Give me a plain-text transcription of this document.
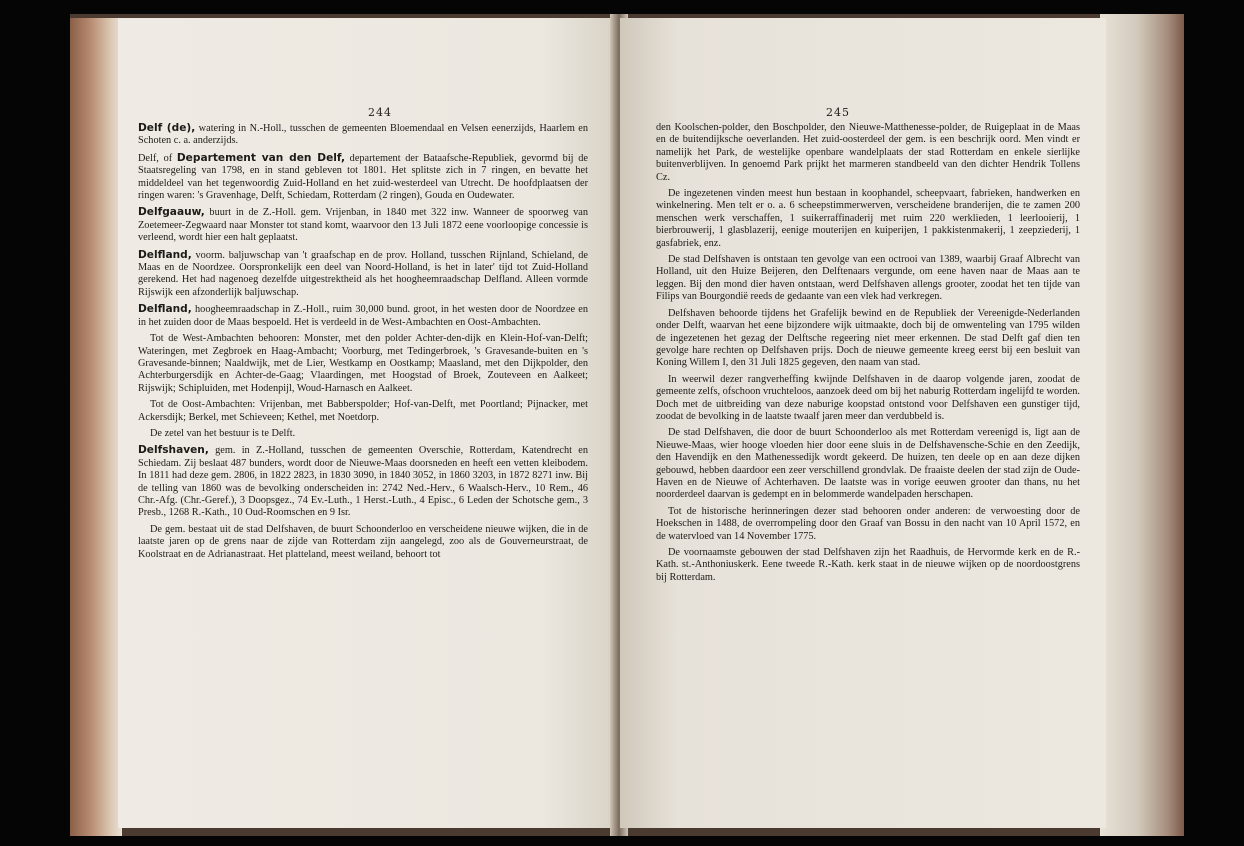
244

Delf (de), watering in N.-Holl., tusschen de gemeenten Bloemendaal en Velsen eenerzijds, Haarlem en Schoten c. a. anderzijds.

Delf, of Departement van den Delf, departement der Bataafsche-Republiek, gevormd bij de Staatsregeling van 1798, en in stand gebleven tot 1801. Het splitste zich in 7 ringen, en bevatte het middeldeel van het tegenwoordig Zuid-Holland en het zuid-westerdeel van Utrecht. De hoofdplaatsen der ringen waren: 's Gravenhage, Delft, Schiedam, Rotterdam (2 ringen), Gouda en Oudewater.

Delfgaauw, buurt in de Z.-Holl. gem. Vrijenban, in 1840 met 322 inw. Wanneer de spoorweg van Zoetemeer-Zegwaard naar Monster tot stand komt, waarvoor den 13 Juli 1872 eene voorloopige concessie is verleend, wordt hier een halt geplaatst.

Delfland, voorm. baljuwschap van 't graafschap en de prov. Holland, tusschen Rijnland, Schieland, de Maas en de Noordzee. Oorspronkelijk een deel van Noord-Holland, is het in later' tijd tot Zuid-Holland gerekend. Het had nagenoeg dezelfde uitgestrektheid als het hoogheemraadschap Delfland. Alleen vormde Rijswijk een afzonderlijk baljuwschap.

Delfland, hoogheemraadschap in Z.-Holl., ruim 30,000 bund. groot, in het westen door de Noordzee en in het zuiden door de Maas bespoeld. Het is verdeeld in de West-Ambachten en Oost-Ambachten.

Tot de West-Ambachten behooren: Monster, met den polder Achter-den-dijk en Klein-Hof-van-Delft; Wateringen, met Zegbroek en Haag-Ambacht; Voorburg, met Tedingerbroek, 's Gravesande-buiten en 's Gravesande-binnen; Naaldwijk, met de Lier, Westkamp en Oostkamp; Maasland, met den Dijkpolder, den Achterburgersdijk en Achter-de-Gaag; Vlaardingen, met Hoogstad of Broek, Zouteveen en Aalkeet; Rijswijk; Schipluiden, met Hodenpijl, Woud-Harnasch en Aalkeet.

Tot de Oost-Ambachten: Vrijenban, met Babberspolder; Hof-van-Delft, met Poortland; Pijnacker, met Ackersdijk; Berkel, met Schieveen; Kethel, met Noetdorp.

De zetel van het bestuur is te Delft.

Delfshaven, gem. in Z.-Holland, tusschen de gemeenten Overschie, Rotterdam, Katendrecht en Schiedam. Zij beslaat 487 bunders, wordt door de Nieuwe-Maas doorsneden en heeft een vetten kleibodem. In 1811 had deze gem. 2806, in 1822 2823, in 1830 3090, in 1840 3052, in 1860 3203, in 1872 8271 inw. Bij de telling van 1860 was de bevolking onderscheiden in: 2742 Ned.-Herv., 6 Waalsch-Herv., 10 Rem., 46 Chr.-Afg. (Chr.-Geref.), 3 Doopsgez., 74 Ev.-Luth., 1 Herst.-Luth., 4 Episc., 6 Leden der Schotsche gem., 3 Presb., 1268 R.-Kath., 10 Oud-Roomschen en 9 Isr.

De gem. bestaat uit de stad Delfshaven, de buurt Schoonderloo en verscheidene nieuwe wijken, die in de laatste jaren op de grens naar de zijde van Rotterdam zijn aangelegd, zoo als de Gouverneurstraat, de Koolstraat en de Adrianastraat. Het platteland, meest weiland, behoort tot

245

den Koolschen-polder, den Boschpolder, den Nieuwe-Matthenesse-polder, de Ruigeplaat in de Maas en de buitendijksche oeverlanden. Het zuid-oosterdeel der gem. is een beschrijk oord. Men vindt er namelijk het Park, de westelijke openbare wandelplaats der stad Rotterdam en enkele sierlijke buitenverblijven. In genoemd Park prijkt het marmeren standbeeld van den dichter Hendrik Tollens Cz.

De ingezetenen vinden meest hun bestaan in koophandel, scheepvaart, fabrieken, handwerken en winkelnering. Men telt er o. a. 6 scheepstimmerwerven, verscheidene branderijen, die te zamen 200 menschen werk verschaffen, 1 suikerraffinaderij met ruim 220 werklieden, 1 leerlooierij, 1 bierbrouwerij, 1 glasblazerij, eenige mouterijen en kuiperijen, 1 pakkistenmakerij, 1 zeepziederij, 1 gasfabriek, enz.

De stad Delfshaven is ontstaan ten gevolge van een octrooi van 1389, waarbij Graaf Albrecht van Holland, uit den Huize Beijeren, den Delftenaars vergunde, om eene haven naar de Maas aan te leggen. Bij den mond dier haven ontstaan, werd Delfshaven allengs grooter, zoodat het ten tijde van Filips van Bourgondië reeds de gedaante van een vlek had verkregen.

Delfshaven behoorde tijdens het Grafelijk bewind en de Republiek der Vereenigde-Nederlanden onder Delft, waarvan het eene bijzondere wijk uitmaakte, doch bij de omwenteling van 1795 wilden de ingezetenen het gezag der Delftsche regeering niet meer erkennen. De stad Delft gaf dien ten gevolge hare rechten op Delfshaven prijs. Doch de nieuwe gemeente kreeg eerst bij een besluit van Koning Willem I, den 31 Juli 1825 gegeven, den naam van stad.

In weerwil dezer rangverheffing kwijnde Delfshaven in de daarop volgende jaren, zoodat de gemeente zelfs, ofschoon vruchteloos, aanzoek deed om bij het naburig Rotterdam ingelijfd te worden. Doch met de uitbreiding van deze naburige koopstad ontstond voor Delfshaven een gunstiger tijd, zoodat de bevolking in de laatste twaalf jaren meer dan verdubbeld is.

De stad Delfshaven, die door de buurt Schoonderloo als met Rotterdam vereenigd is, ligt aan de Nieuwe-Maas, wier hooge vloeden hier door eene sluis in de Delfshavensche-Schie en den Zeedijk, den Havendijk en den Mathenessedijk wordt gekeerd. De huizen, ten deele op en aan deze dijken gebouwd, hebben daardoor een zeer verschillend grondvlak. De fraaiste deelen der stad zijn de Oude-Haven en de Nieuwe of Achterhaven. De laatste was in vorige eeuwen grooter dan thans, nu het noorderdeel daarvan is gedempt en in belommerde wandelpaden herschapen.

Tot de historische herinneringen dezer stad behooren onder anderen: de verwoesting door de Hoekschen in 1488, de overrompeling door den Graaf van Bossu in den nacht van 10 April 1572, en de watervloed van 14 November 1775.

De voornaamste gebouwen der stad Delfshaven zijn het Raadhuis, de Hervormde kerk en de R.-Kath. st.-Anthoniuskerk. Eene tweede R.-Kath. kerk staat in de nieuwe wijken op de noordoostgrens bij Rotterdam.
